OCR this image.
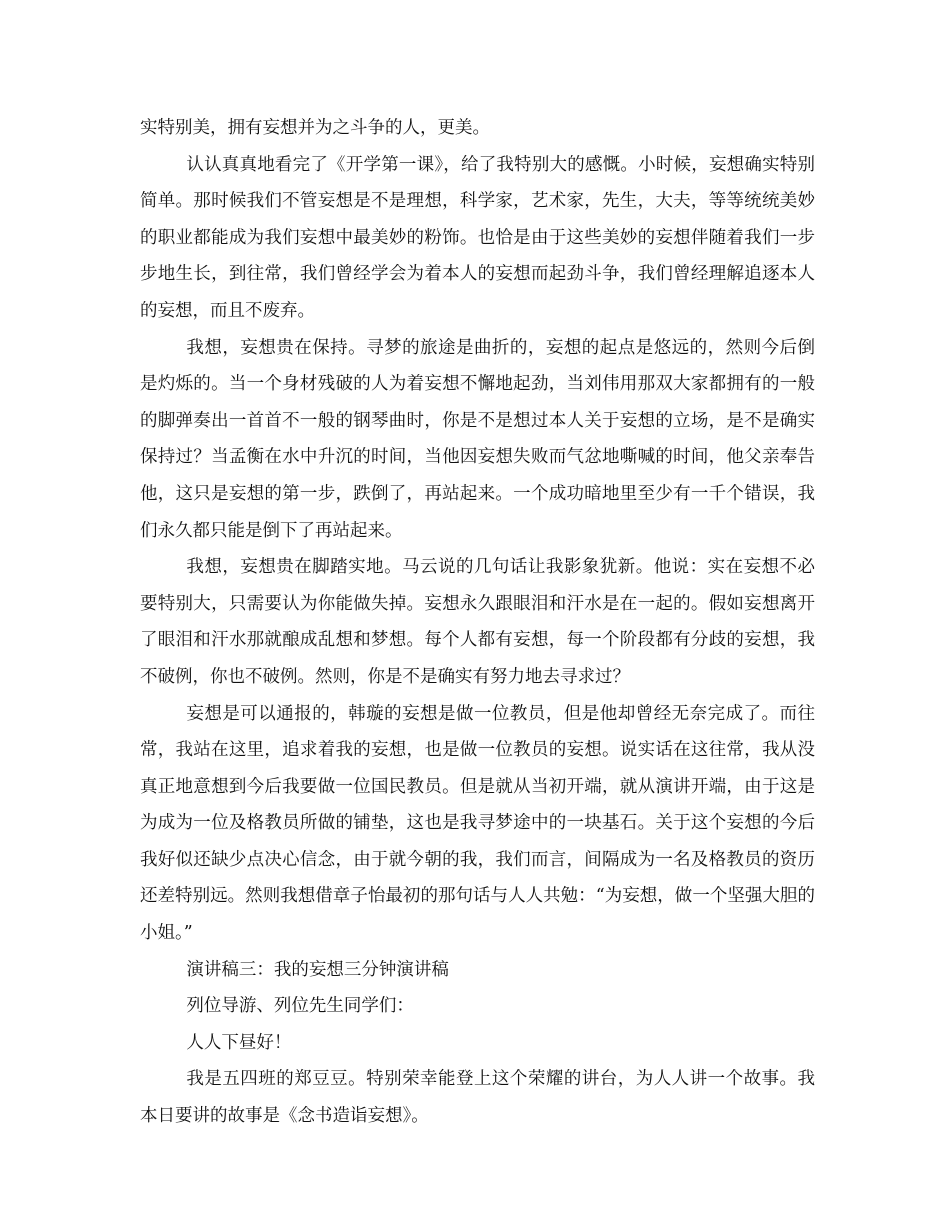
实特别美，拥有妄想并为之斗争的人，更美。

认认真真地看完了《开学第一课》，给了我特别大的感慨。小时候，妄想确实特别简单。那时候我们不管妄想是不是理想，科学家，艺术家，先生，大夫，等等统统美妙的职业都能成为我们妄想中最美妙的粉饰。也恰是由于这些美妙的妄想伴随着我们一步步地生长，到往常，我们曾经学会为着本人的妄想而起劲斗争，我们曾经理解追逐本人的妄想，而且不废弃。

我想，妄想贵在保持。寻梦的旅途是曲折的，妄想的起点是悠远的，然则今后倒是灼烁的。当一个身材残破的人为着妄想不懈地起劲，当刘伟用那双大家都拥有的一般的脚弹奏出一首首不一般的钢琴曲时，你是不是想过本人关于妄想的立场，是不是确实保持过？当孟衡在水中升沉的时间，当他因妄想失败而气忿地嘶喊的时间，他父亲奉告他，这只是妄想的第一步，跌倒了，再站起来。一个成功暗地里至少有一千个错误，我们永久都只能是倒下了再站起来。

我想，妄想贵在脚踏实地。马云说的几句话让我影象犹新。他说：实在妄想不必要特别大，只需要认为你能做失掉。妄想永久跟眼泪和汗水是在一起的。假如妄想离开了眼泪和汗水那就酿成乱想和梦想。每个人都有妄想，每一个阶段都有分歧的妄想，我不破例，你也不破例。然则，你是不是确实有努力地去寻求过？

妄想是可以通报的，韩璇的妄想是做一位教员，但是他却曾经无奈完成了。而往常，我站在这里，追求着我的妄想，也是做一位教员的妄想。说实话在这往常，我从没真正地意想到今后我要做一位国民教员。但是就从当初开端，就从演讲开端，由于这是为成为一位及格教员所做的铺垫，这也是我寻梦途中的一块基石。关于这个妄想的今后我好似还缺少点决心信念，由于就今朝的我，我们而言，间隔成为一名及格教员的资历还差特别远。然则我想借章子怡最初的那句话与人人共勉：“为妄想，做一个坚强大胆的小姐。”

演讲稿三：我的妄想三分钟演讲稿

列位导游、列位先生同学们：

人人下昼好！

我是五四班的郑豆豆。特别荣幸能登上这个荣耀的讲台，为人人讲一个故事。我本日要讲的故事是《念书造诣妄想》。
